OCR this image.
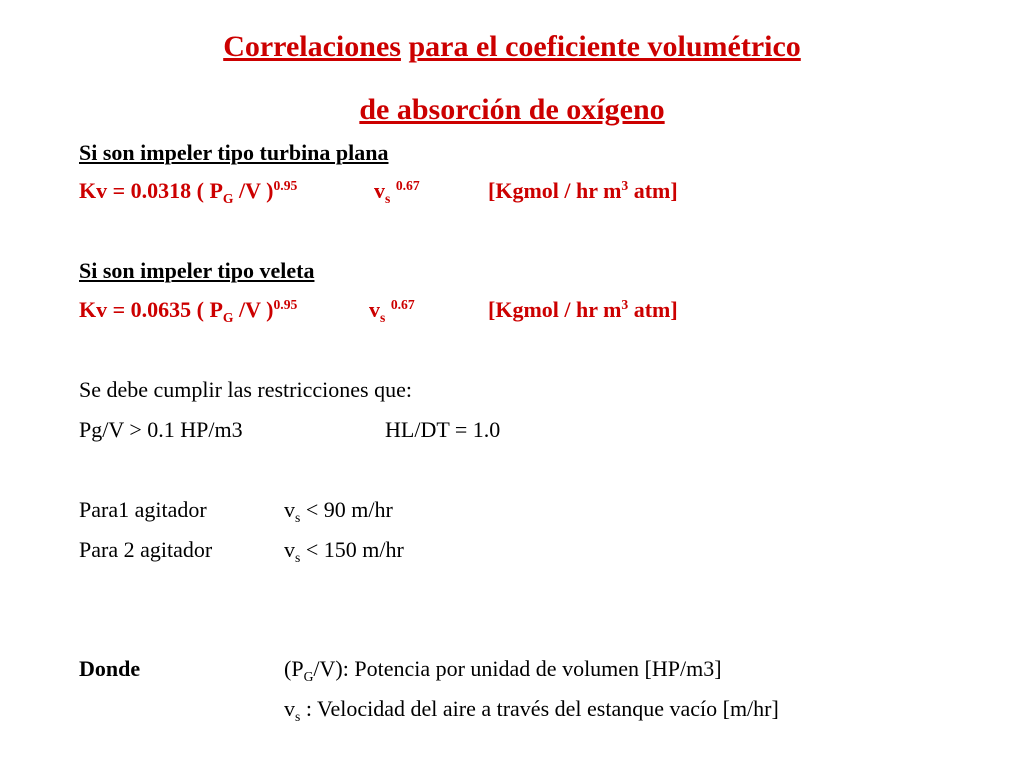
Correlaciones para el coeficiente volumétrico
de absorción de oxígeno
Si son impeler tipo turbina plana
Kv = 0.0318 ( $P_G$ /V )$^{0.95}$	$v_s$ $^{0.67}$	[Kgmol / hr $m^3$ atm]
Si son impeler tipo veleta
Kv = 0.0635 ( $P_G$ /V )$^{0.95}$	$v_s$ $^{0.67}$	[Kgmol / hr $m^3$ atm]
Se debe cumplir las restricciones que:
Pg/V > 0.1 HP/m3	HL/DT = 1.0
Para1 agitador	$v_s < 90$ m/hr
Para 2 agitador	$v_s < 150$ m/hr
Donde	$(P_G/V)$: Potencia por unidad de volumen [HP/m3]
$v_s$ : Velocidad del aire a través del estanque vacío [m/hr]
